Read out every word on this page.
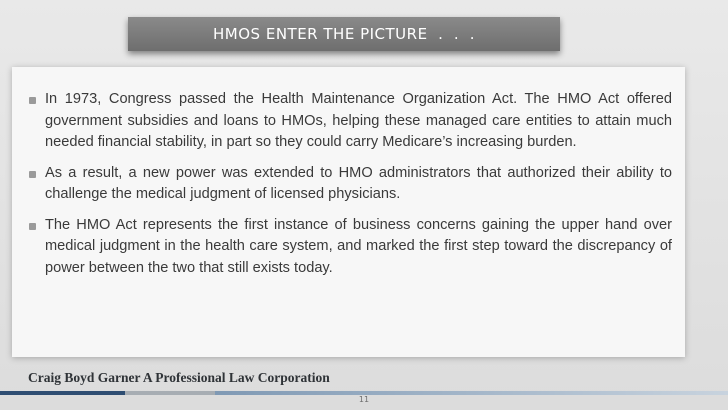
HMOS ENTER THE PICTURE  .  .  .
In 1973, Congress passed the Health Maintenance Organization Act. The HMO Act offered government subsidies and loans to HMOs, helping these managed care entities to attain much needed financial stability, in part so they could carry Medicare’s increasing burden.
As a result, a new power was extended to HMO administrators that authorized their ability to challenge the medical judgment of licensed physicians.
The HMO Act represents the first instance of business concerns gaining the upper hand over medical judgment in the health care system, and marked the first step toward the discrepancy of power between the two that still exists today.
Craig Boyd Garner A Professional Law Corporation
11
